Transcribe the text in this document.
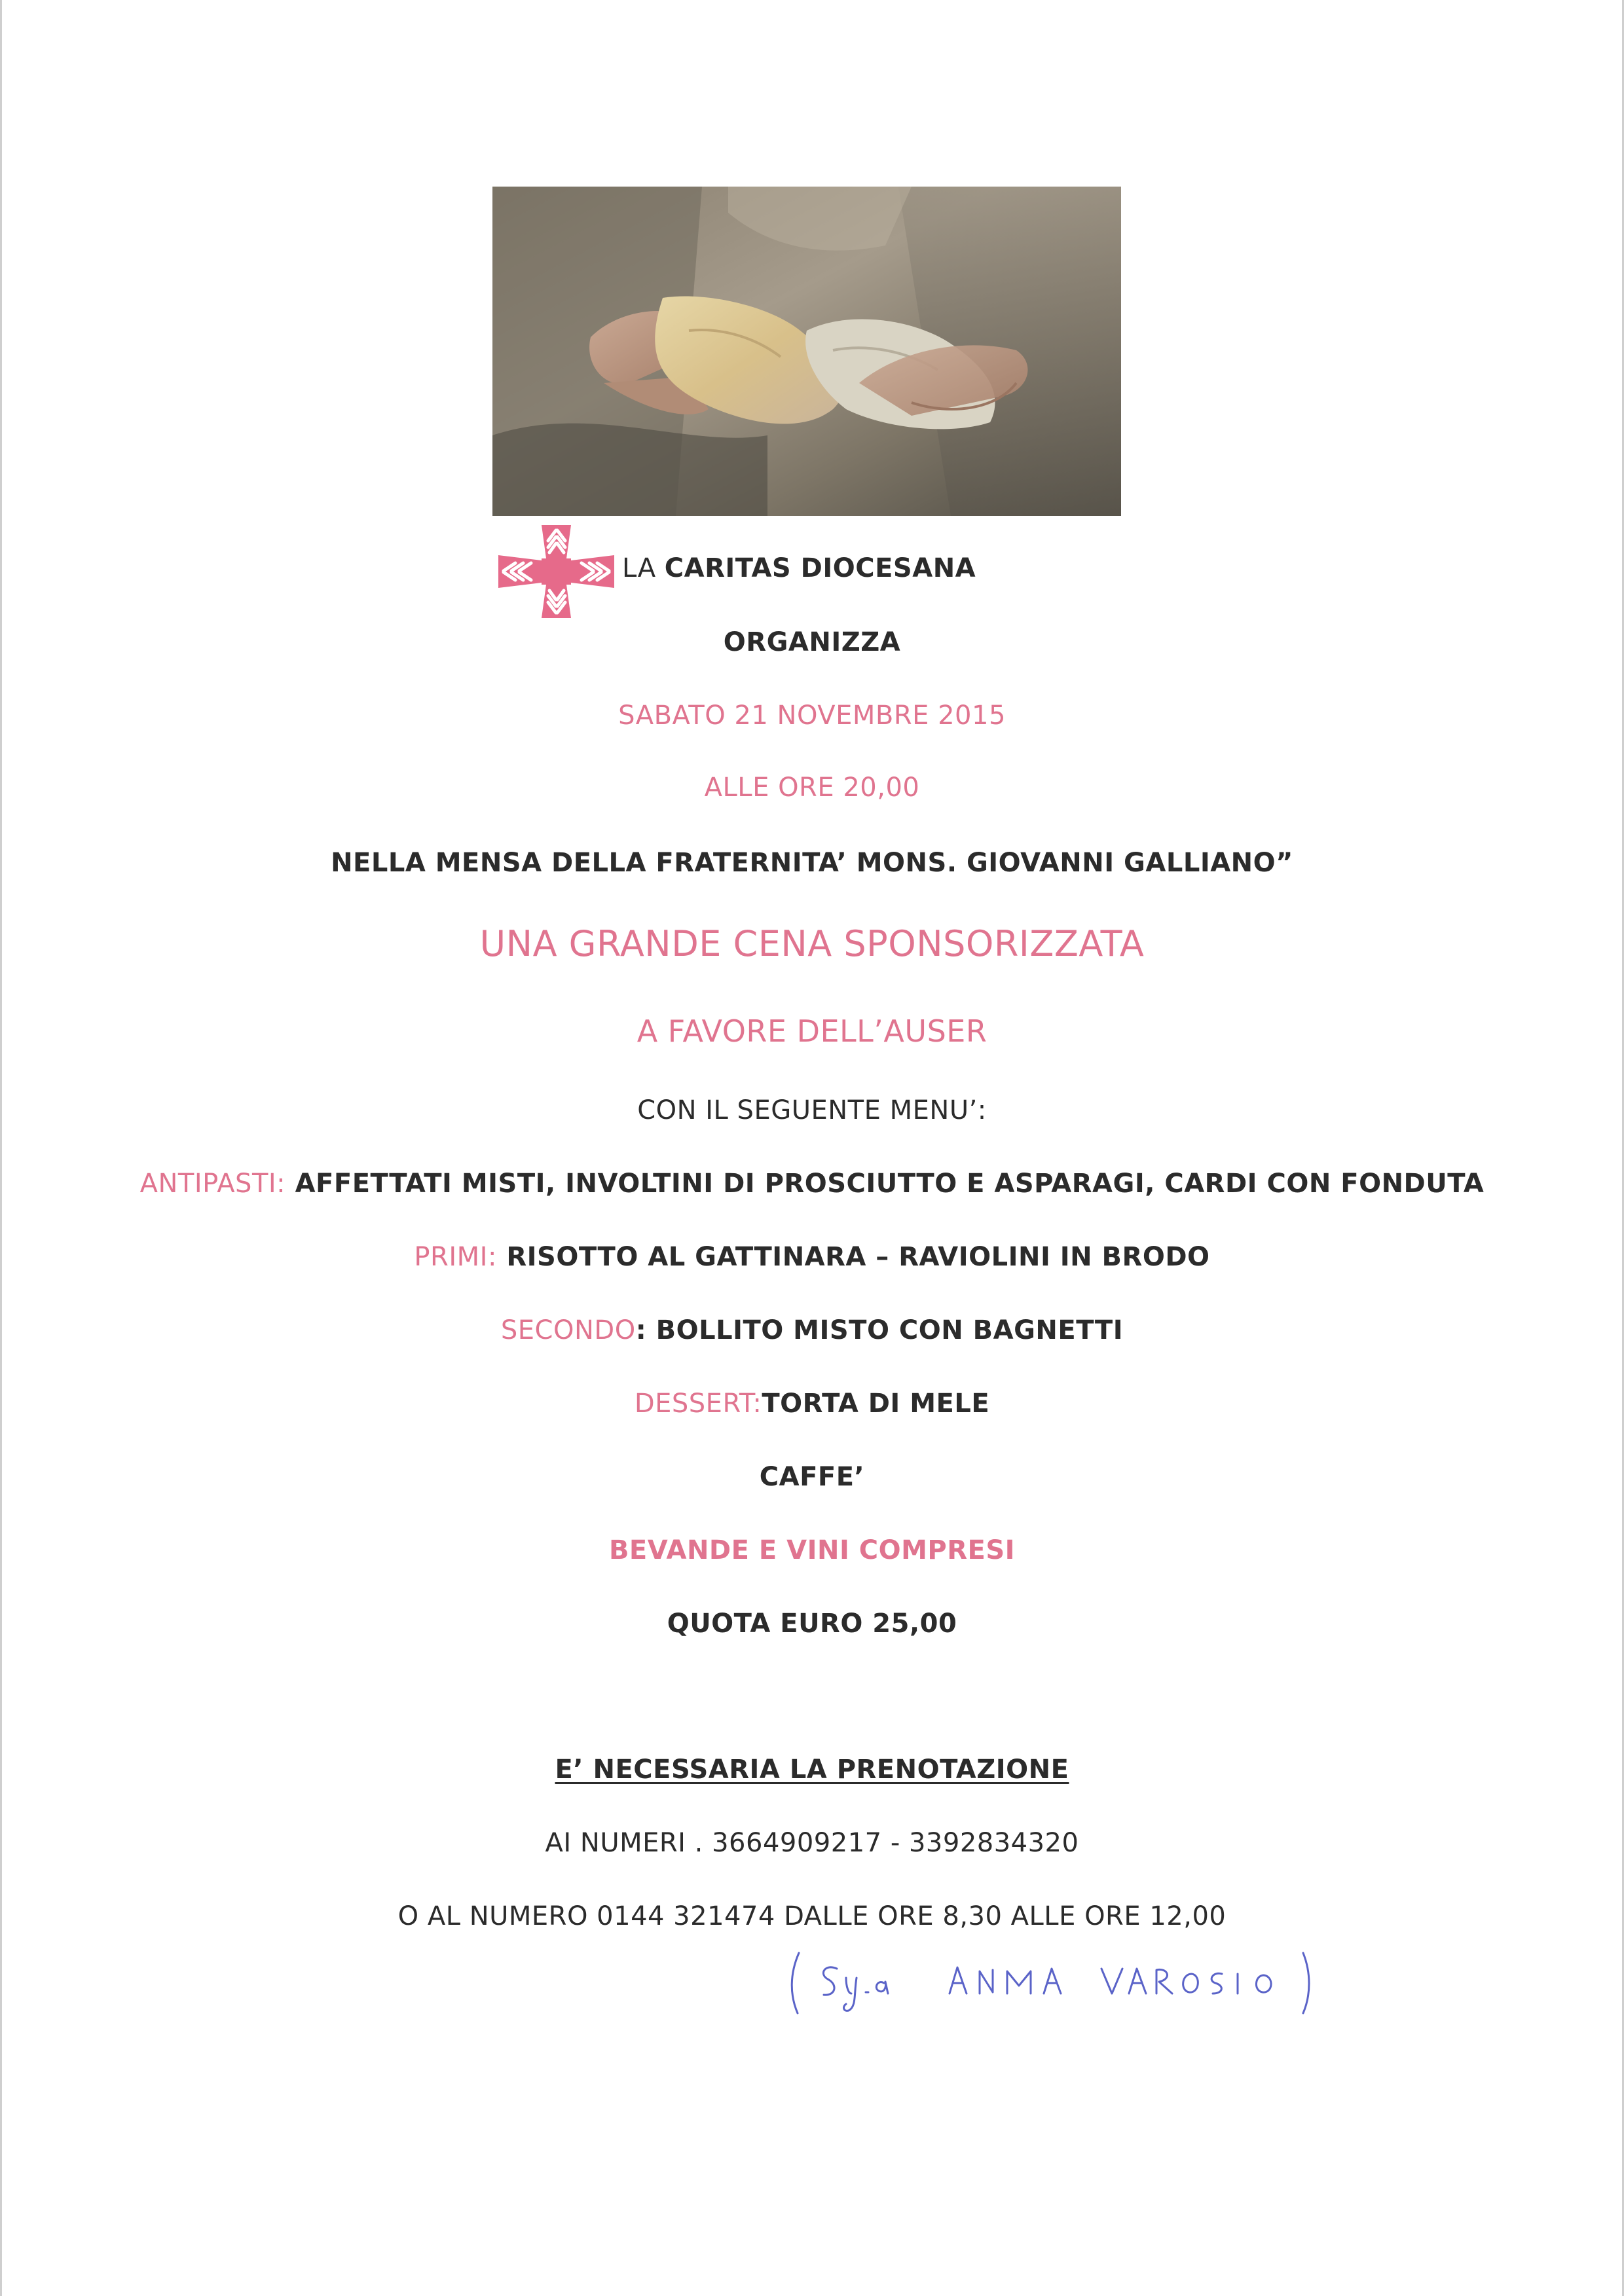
LA CARITAS DIOCESANA
ORGANIZZA
SABATO 21 NOVEMBRE 2015
ALLE ORE 20,00
NELLA MENSA DELLA FRATERNITA’ MONS. GIOVANNI GALLIANO”
UNA GRANDE CENA SPONSORIZZATA
A FAVORE DELL’AUSER
CON IL SEGUENTE MENU’:
ANTIPASTI: AFFETTATI MISTI, INVOLTINI DI PROSCIUTTO E ASPARAGI, CARDI CON FONDUTA
PRIMI: RISOTTO AL GATTINARA – RAVIOLINI IN BRODO
SECONDO: BOLLITO MISTO CON BAGNETTI
DESSERT:TORTA DI MELE
CAFFE’
BEVANDE E VINI COMPRESI
QUOTA EURO 25,00
E’ NECESSARIA LA PRENOTAZIONE
AI NUMERI . 3664909217 - 3392834320
O AL NUMERO 0144 321474 DALLE ORE 8,30 ALLE ORE 12,00
